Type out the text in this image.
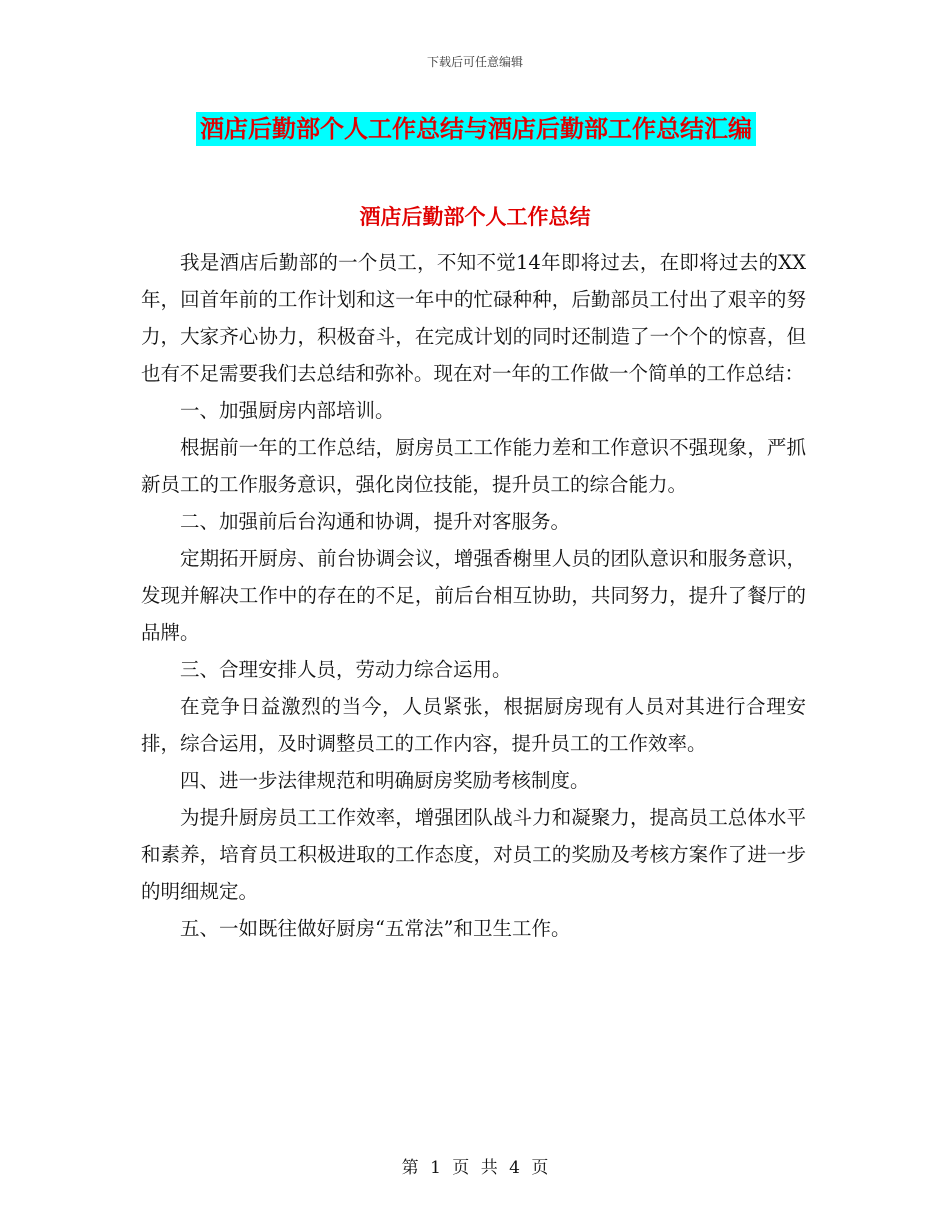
下载后可任意编辑
酒店后勤部个人工作总结与酒店后勤部工作总结汇编
酒店后勤部个人工作总结

我是酒店后勤部的一个员工，不知不觉14年即将过去，在即将过去的XX年，回首年前的工作计划和这一年中的忙碌种种，后勤部员工付出了艰辛的努力，大家齐心协力，积极奋斗，在完成计划的同时还制造了一个个的惊喜，但也有不足需要我们去总结和弥补。现在对一年的工作做一个简单的工作总结：

一、加强厨房内部培训。

根据前一年的工作总结，厨房员工工作能力差和工作意识不强现象，严抓新员工的工作服务意识，强化岗位技能，提升员工的综合能力。

二、加强前后台沟通和协调，提升对客服务。

定期拓开厨房、前台协调会议，增强香榭里人员的团队意识和服务意识，发现并解决工作中的存在的不足，前后台相互协助，共同努力，提升了餐厅的品牌。

三、合理安排人员，劳动力综合运用。

在竞争日益激烈的当今，人员紧张，根据厨房现有人员对其进行合理安排，综合运用，及时调整员工的工作内容，提升员工的工作效率。

四、进一步法律规范和明确厨房奖励考核制度。

为提升厨房员工工作效率，增强团队战斗力和凝聚力，提高员工总体水平和素养，培育员工积极进取的工作态度，对员工的奖励及考核方案作了进一步的明细规定。

五、一如既往做好厨房“五常法”和卫生工作。

第 1 页 共 4 页
